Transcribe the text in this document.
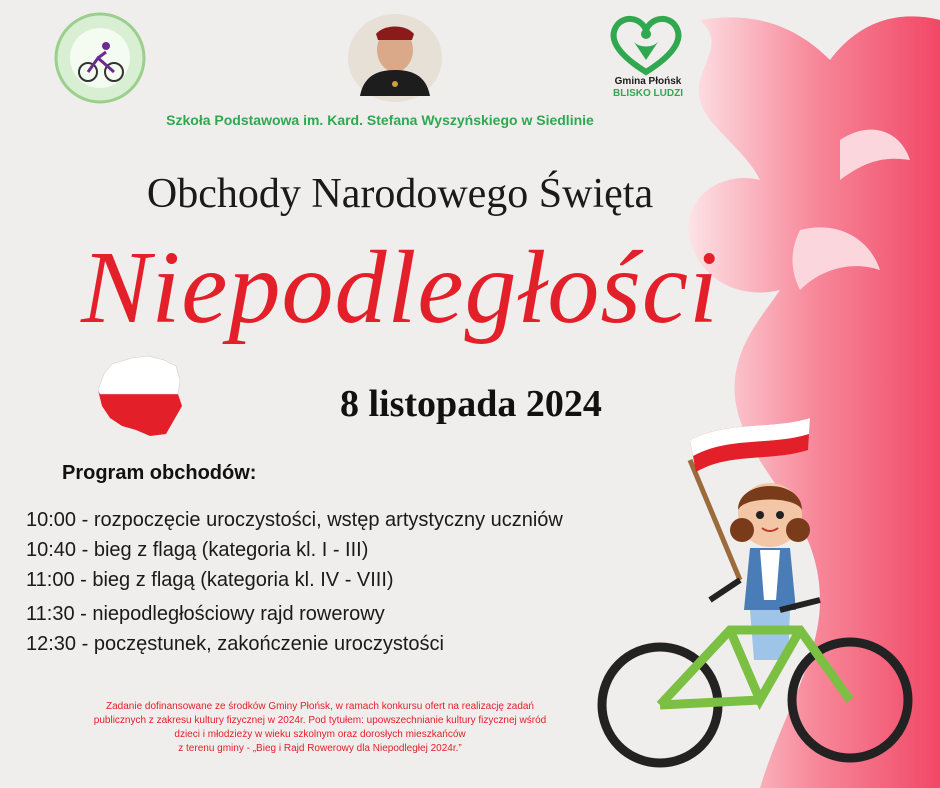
Gmina Płońsk
BLISKO LUDZI
Szkoła Podstawowa im. Kard. Stefana Wyszyńskiego w Siedlinie
Obchody Narodowego Święta
Niepodległości
8 listopada 2024
Program obchodów:
10:00 - rozpoczęcie uroczystości, wstęp artystyczny uczniów
10:40 - bieg z flagą (kategoria kl. I - III)
11:00 - bieg z flagą (kategoria kl. IV - VIII)
11:30 - niepodległościowy rajd rowerowy
12:30 - poczęstunek, zakończenie uroczystości
Zadanie dofinansowane ze środków Gminy Płońsk, w ramach konkursu ofert na realizację zadań
publicznych z zakresu kultury fizycznej w 2024r. Pod tytułem: upowszechnianie kultury fizycznej wśród
dzieci i młodzieży w wieku szkolnym oraz dorosłych mieszkańców
z terenu gminy - „Bieg i Rajd Rowerowy dla Niepodległej 2024r.”
